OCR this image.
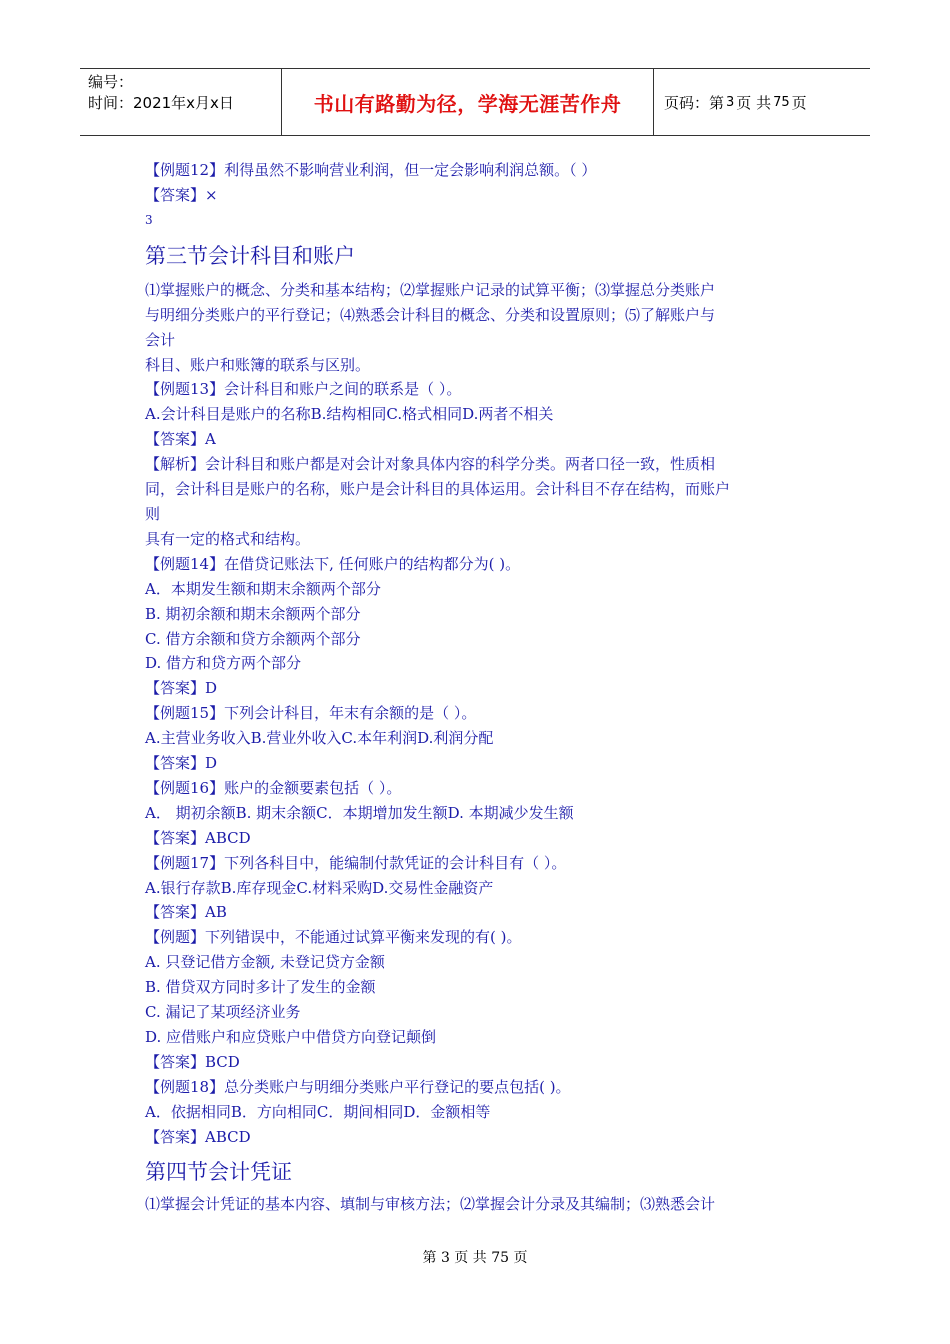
编号：
时间：2021年x月x日	书山有路勤为径，学海无涯苦作舟	页码：第 3 页 共 75 页
【例题12】利得虽然不影响营业利润，但一定会影响利润总额。（ ）
【答案】×
3
第三节会计科目和账户
⑴掌握账户的概念、分类和基本结构；⑵掌握账户记录的试算平衡；⑶掌握总分类账户
与明细分类账户的平行登记；⑷熟悉会计科目的概念、分类和设置原则；⑸了解账户与
会计
科目、账户和账簿的联系与区别。
【例题13】会计科目和账户之间的联系是（ ）。
A.会计科目是账户的名称B.结构相同C.格式相同D.两者不相关
【答案】A
【解析】会计科目和账户都是对会计对象具体内容的科学分类。两者口径一致，性质相
同，会计科目是账户的名称，账户是会计科目的具体运用。会计科目不存在结构，而账户
则
具有一定的格式和结构。
【例题14】在借贷记账法下, 任何账户的结构都分为( )。
A．本期发生额和期末余额两个部分
B. 期初余额和期末余额两个部分
C. 借方余额和贷方余额两个部分
D. 借方和贷方两个部分
【答案】D
【例题15】下列会计科目，年末有余额的是（ ）。
A.主营业务收入B.营业外收入C.本年利润D.利润分配
【答案】D
【例题16】账户的金额要素包括（ ）。
A． 期初余额B. 期末余额C．本期增加发生额D. 本期减少发生额
【答案】ABCD
【例题17】下列各科目中，能编制付款凭证的会计科目有（ ）。
A.银行存款B.库存现金C.材料采购D.交易性金融资产
【答案】AB
【例题】下列错误中，不能通过试算平衡来发现的有( )。
A. 只登记借方金额, 未登记贷方金额
B. 借贷双方同时多计了发生的金额
C. 漏记了某项经济业务
D. 应借账户和应贷账户中借贷方向登记颠倒
【答案】BCD
【例题18】总分类账户与明细分类账户平行登记的要点包括( )。
A．依据相同B．方向相同C．期间相同D．金额相等
【答案】ABCD
第四节会计凭证
⑴掌握会计凭证的基本内容、填制与审核方法；⑵掌握会计分录及其编制；⑶熟悉会计
第 3 页 共 75 页
